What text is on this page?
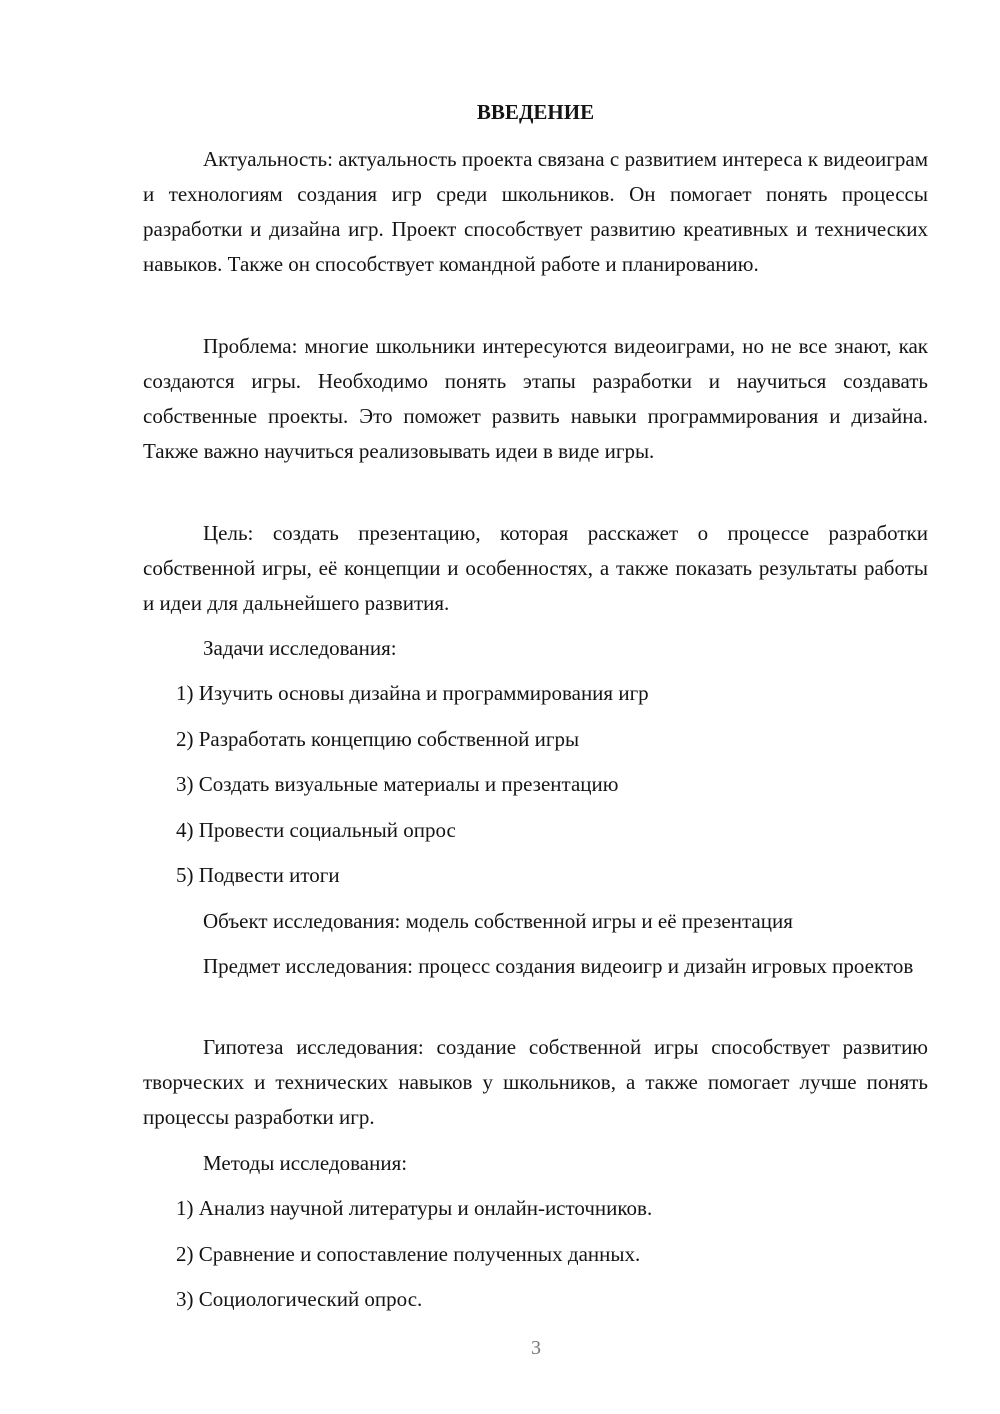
ВВЕДЕНИЕ
Актуальность: актуальность проекта связана с развитием интереса к видеоиграм и технологиям создания игр среди школьников. Он помогает понять процессы разработки и дизайна игр. Проект способствует развитию креативных и технических навыков. Также он способствует командной работе и планированию.
Проблема: многие школьники интересуются видеоиграми, но не все знают, как создаются игры. Необходимо понять этапы разработки и научиться создавать собственные проекты. Это поможет развить навыки программирования и дизайна. Также важно научиться реализовывать идеи в виде игры.
Цель: создать презентацию, которая расскажет о процессе разработки собственной игры, её концепции и особенностях, а также показать результаты работы и идеи для дальнейшего развития.
Задачи исследования:
1) Изучить основы дизайна и программирования игр
2) Разработать концепцию собственной игры
3) Создать визуальные материалы и презентацию
4) Провести социальный опрос
5) Подвести итоги
Объект исследования: модель собственной игры и её презентация
Предмет исследования: процесс создания видеоигр и дизайн игровых проектов
Гипотеза исследования: создание собственной игры способствует развитию творческих и технических навыков у школьников, а также помогает лучше понять процессы разработки игр.
Методы исследования:
1) Анализ научной литературы и онлайн-источников.
2) Сравнение и сопоставление полученных данных.
3) Социологический опрос.
3
